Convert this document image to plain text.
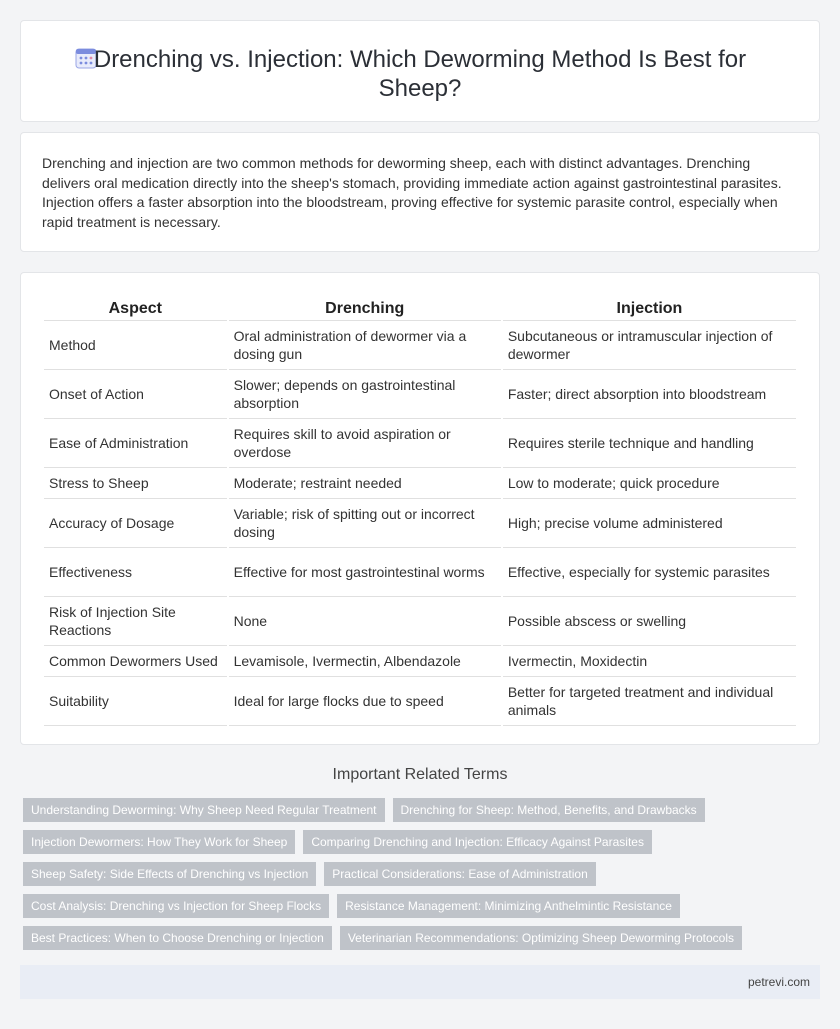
Drenching vs. Injection: Which Deworming Method Is Best for Sheep?

Drenching and injection are two common methods for deworming sheep, each with distinct advantages. Drenching delivers oral medication directly into the sheep's stomach, providing immediate action against gastrointestinal parasites. Injection offers a faster absorption into the bloodstream, proving effective for systemic parasite control, especially when rapid treatment is necessary.

Aspect	Drenching	Injection
Method	Oral administration of dewormer via a dosing gun	Subcutaneous or intramuscular injection of dewormer
Onset of Action	Slower; depends on gastrointestinal absorption	Faster; direct absorption into bloodstream
Ease of Administration	Requires skill to avoid aspiration or overdose	Requires sterile technique and handling
Stress to Sheep	Moderate; restraint needed	Low to moderate; quick procedure
Accuracy of Dosage	Variable; risk of spitting out or incorrect dosing	High; precise volume administered
Effectiveness	Effective for most gastrointestinal worms	Effective, especially for systemic parasites
Risk of Injection Site Reactions	None	Possible abscess or swelling
Common Dewormers Used	Levamisole, Ivermectin, Albendazole	Ivermectin, Moxidectin
Suitability	Ideal for large flocks due to speed	Better for targeted treatment and individual animals
Important Related Terms
Understanding Deworming: Why Sheep Need Regular Treatment	Drenching for Sheep: Method, Benefits, and Drawbacks
Injection Dewormers: How They Work for Sheep	Comparing Drenching and Injection: Efficacy Against Parasites
Sheep Safety: Side Effects of Drenching vs Injection	Practical Considerations: Ease of Administration
Cost Analysis: Drenching vs Injection for Sheep Flocks	Resistance Management: Minimizing Anthelmintic Resistance
Best Practices: When to Choose Drenching or Injection	Veterinarian Recommendations: Optimizing Sheep Deworming Protocols
petrevi.com
